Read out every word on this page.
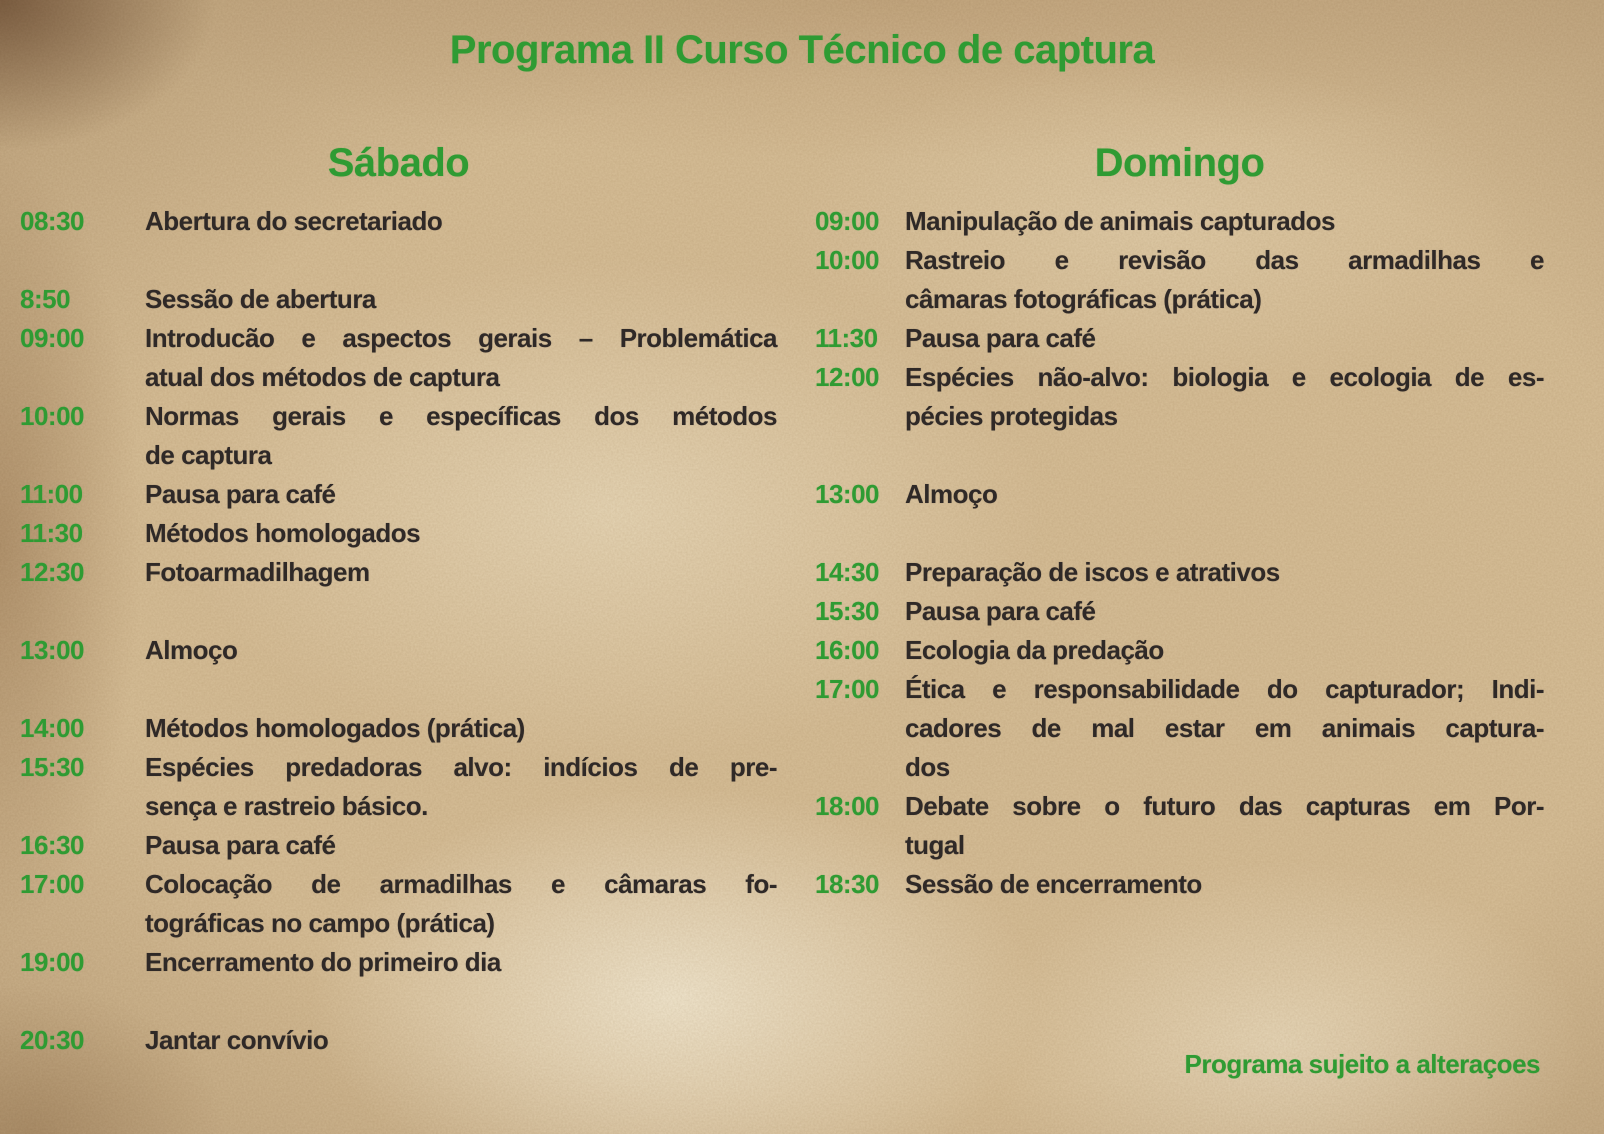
Programa II Curso Técnico de captura
Sábado
08:30	Abertura do secretariado
8:50	Sessão de abertura
09:00	Introducão e aspectos gerais – Problemática
atual dos métodos de captura
10:00	Normas gerais e específicas dos métodos
de captura
11:00	Pausa para café
11:30	Métodos homologados
12:30	Fotoarmadilhagem
13:00	Almoço
14:00	Métodos homologados (prática)
15:30	Espécies predadoras alvo: indícios de pre-
sença e rastreio básico.
16:30	Pausa para café
17:00	Colocação de armadilhas e câmaras fo-
tográficas no campo (prática)
19:00	Encerramento do primeiro dia
20:30	Jantar convívio
Domingo
09:00	Manipulação de animais capturados
10:00	Rastreio e revisão das armadilhas e
câmaras fotográficas (prática)
11:30	Pausa para café
12:00	Espécies não-alvo: biologia e ecologia de es-
pécies protegidas
13:00	Almoço
14:30	Preparação de iscos e atrativos
15:30	Pausa para café
16:00	Ecologia da predação
17:00	Ética e responsabilidade do capturador; Indi-
cadores de mal estar em animais captura-
dos
18:00	Debate sobre o futuro das capturas em Por-
tugal
18:30	Sessão de encerramento
Programa sujeito a alteraçoes
